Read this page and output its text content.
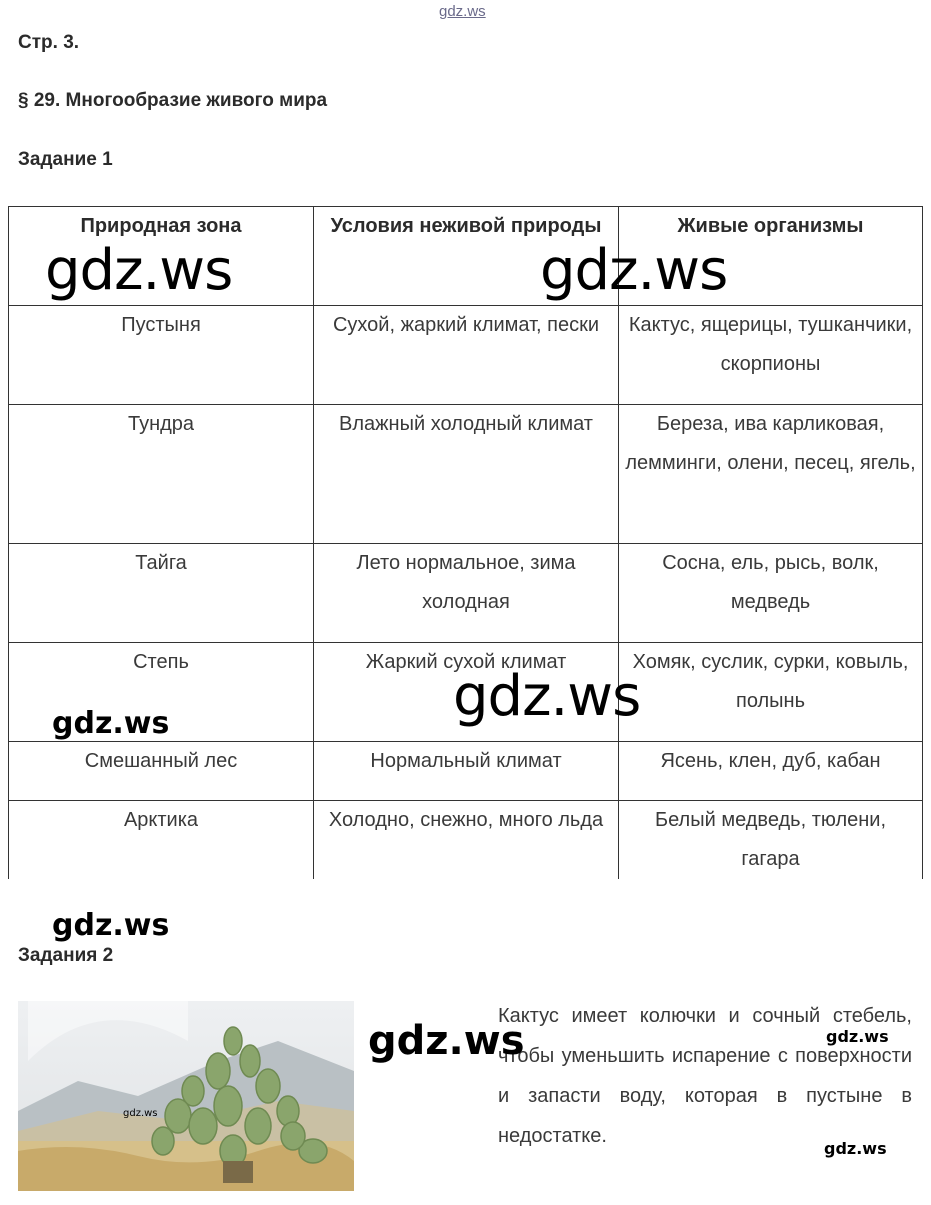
gdz.ws
Стр. 3.
§ 29. Многообразие живого мира
Задание 1
Природная зона	Условия неживой природы	Живые организмы
Пустыня	Сухой, жаркий климат, пески	Кактус, ящерицы, тушканчики, скорпионы
Тундра	Влажный холодный климат	Береза, ива карликовая, лемминги, олени, песец, ягель,
Тайга	Лето нормальное, зима холодная	Сосна, ель, рысь, волк, медведь
Степь	Жаркий сухой климат	Хомяк, суслик, сурки, ковыль, полынь
Смешанный лес	Нормальный климат	Ясень, клен, дуб, кабан
Арктика	Холодно, снежно, много льда	Белый медведь, тюлени, гагара
Задания 2
Кактус имеет колючки и сочный стебель, чтобы уменьшить испарение с поверхности и запасти воду, которая в пустыне в недостатке.
gdz.ws	gdz.ws
gdz.ws
gdz.ws
gdz.ws
gdz.ws	gdz.ws
gdz.ws
gdz.ws
